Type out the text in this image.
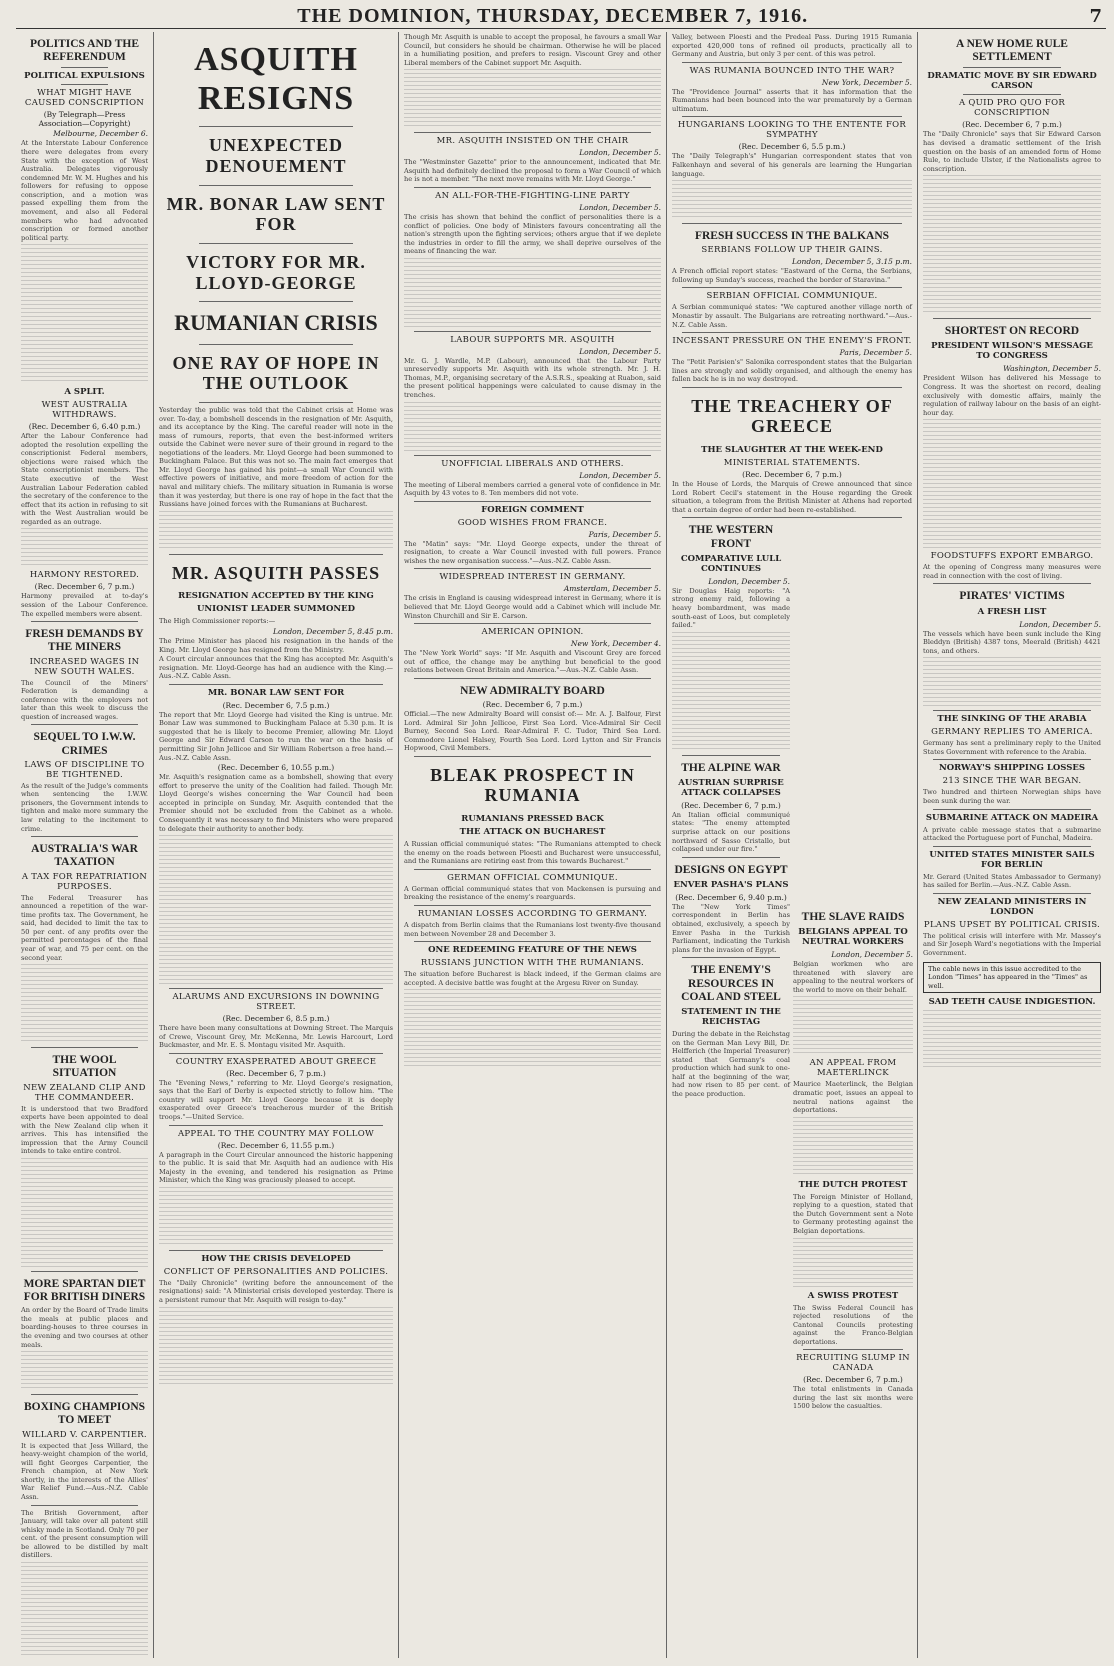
THE DOMINION, THURSDAY, DECEMBER 7, 1916.	7
POLITICS AND THE REFERENDUM
POLITICAL EXPULSIONS
WHAT MIGHT HAVE CAUSED CONSCRIPTION
(By Telegraph—Press Association—Copyright)
Melbourne, December 6.
At the Interstate Labour Conference there were delegates from every State with the exception of West Australia. Delegates vigorously condemned Mr. W. M. Hughes and his followers for refusing to oppose conscription, and a motion was passed expelling them from the movement, and also all Federal members who had advocated conscription or formed another political party.
A SPLIT.
WEST AUSTRALIA WITHDRAWS.
(Rec. December 6, 6.40 p.m.)
After the Labour Conference had adopted the resolution expelling the conscriptionist Federal members, objections were raised which the State conscriptionist members. The State executive of the West Australian Labour Federation cabled the secretary of the conference to the effect that its action in refusing to sit with the West Australian would be regarded as an outrage.
HARMONY RESTORED.
(Rec. December 6, 7 p.m.)
Harmony prevailed at to-day's session of the Labour Conference. The expelled members were absent.
FRESH DEMANDS BY THE MINERS
INCREASED WAGES IN NEW SOUTH WALES.
The Council of the Miners' Federation is demanding a conference with the employers not later than this week to discuss the question of increased wages.
SEQUEL TO I.W.W. CRIMES
LAWS OF DISCIPLINE TO BE TIGHTENED.
As the result of the Judge's comments when sentencing the I.W.W. prisoners, the Government intends to tighten and make more summary the law relating to the incitement to crime.
AUSTRALIA'S WAR TAXATION
A TAX FOR REPATRIATION PURPOSES.
The Federal Treasurer has announced a repetition of the war-time profits tax. The Government, he said, had decided to limit the tax to 50 per cent. of any profits over the permitted percentages of the final year of war, and 75 per cent. on the second year.
THE WOOL SITUATION
NEW ZEALAND CLIP AND THE COMMANDEER.
It is understood that two Bradford experts have been appointed to deal with the New Zealand clip when it arrives. This has intensified the impression that the Army Council intends to take entire control.
MORE SPARTAN DIET FOR BRITISH DINERS
An order by the Board of Trade limits the meals at public places and boarding-houses to three courses in the evening and two courses at other meals.
BOXING CHAMPIONS TO MEET
WILLARD V. CARPENTIER.
It is expected that Jess Willard, the heavy-weight champion of the world, will fight Georges Carpentier, the French champion, at New York shortly, in the interests of the Allies' War Relief Fund.—Aus.-N.Z. Cable Assn.
The British Government, after January, will take over all patent still whisky made in Scotland. Only 70 per cent. of the present consumption will be allowed to be distilled by malt distillers.
ASQUITH RESIGNS
UNEXPECTED DENOUEMENT
MR. BONAR LAW SENT FOR
VICTORY FOR MR. LLOYD-GEORGE
RUMANIAN CRISIS
ONE RAY OF HOPE IN THE OUTLOOK
Yesterday the public was told that the Cabinet crisis at Home was over. To-day, a bombshell descends in the resignation of Mr. Asquith, and its acceptance by the King. The careful reader will note in the mass of rumours, reports, that even the best-informed writers outside the Cabinet were never sure of their ground in regard to the negotiations of the leaders. Mr. Lloyd George had been summoned to Buckingham Palace. But this was not so. The main fact emerges that Mr. Lloyd George has gained his point—a small War Council with effective powers of initiative, and more freedom of action for the naval and military chiefs. The military situation in Rumania is worse than it was yesterday, but there is one ray of hope in the fact that the Russians have joined forces with the Rumanians at Bucharest.
MR. ASQUITH PASSES
RESIGNATION ACCEPTED BY THE KING
UNIONIST LEADER SUMMONED
The High Commissioner reports:—
London, December 5, 8.45 p.m.
The Prime Minister has placed his resignation in the hands of the King. Mr. Lloyd George has resigned from the Ministry.
A Court circular announces that the King has accepted Mr. Asquith's resignation. Mr. Lloyd-George has had an audience with the King.—Aus.-N.Z. Cable Assn.
MR. BONAR LAW SENT FOR
(Rec. December 6, 7.5 p.m.)
The report that Mr. Lloyd George had visited the King is untrue. Mr. Bonar Law was summoned to Buckingham Palace at 5.30 p.m. It is suggested that he is likely to become Premier, allowing Mr. Lloyd George and Sir Edward Carson to run the war on the basis of permitting Sir John Jellicoe and Sir William Robertson a free hand.—Aus.-N.Z. Cable Assn.
(Rec. December 6, 10.55 p.m.)
Mr. Asquith's resignation came as a bombshell, showing that every effort to preserve the unity of the Coalition had failed. Though Mr. Lloyd George's wishes concerning the War Council had been accepted in principle on Sunday, Mr. Asquith contended that the Premier should not be excluded from the Cabinet as a whole. Consequently it was necessary to find Ministers who were prepared to delegate their authority to another body.
ALARUMS AND EXCURSIONS IN DOWNING STREET.
(Rec. December 6, 8.5 p.m.)
There have been many consultations at Downing Street. The Marquis of Crewe, Viscount Grey, Mr. McKenna, Mr. Lewis Harcourt, Lord Buckmaster, and Mr. E. S. Montagu visited Mr. Asquith.
COUNTRY EXASPERATED ABOUT GREECE
(Rec. December 6, 7 p.m.)
The "Evening News," referring to Mr. Lloyd George's resignation, says that the Earl of Derby is expected strictly to follow him. "The country will support Mr. Lloyd George because it is deeply exasperated over Greece's treacherous murder of the British troops."—United Service.
APPEAL TO THE COUNTRY MAY FOLLOW
(Rec. December 6, 11.55 p.m.)
A paragraph in the Court Circular announced the historic happening to the public. It is said that Mr. Asquith had an audience with His Majesty in the evening, and tendered his resignation as Prime Minister, which the King was graciously pleased to accept.
HOW THE CRISIS DEVELOPED
CONFLICT OF PERSONALITIES AND POLICIES.
The "Daily Chronicle" (writing before the announcement of the resignations) said: "A Ministerial crisis developed yesterday. There is a persistent rumour that Mr. Asquith will resign to-day."
Though Mr. Asquith is unable to accept the proposal, he favours a small War Council, but considers he should be chairman. Otherwise he will be placed in a humiliating position, and prefers to resign. Viscount Grey and other Liberal members of the Cabinet support Mr. Asquith.
MR. ASQUITH INSISTED ON THE CHAIR
London, December 5.
The "Westminster Gazette" prior to the announcement, indicated that Mr. Asquith had definitely declined the proposal to form a War Council of which he is not a member. "The next move remains with Mr. Lloyd George."
AN ALL-FOR-THE-FIGHTING-LINE PARTY
London, December 5.
The crisis has shown that behind the conflict of personalities there is a conflict of policies. One body of Ministers favours concentrating all the nation's strength upon the fighting services; others argue that if we deplete the industries in order to fill the army, we shall deprive ourselves of the means of financing the war.
LABOUR SUPPORTS MR. ASQUITH
London, December 5.
Mr. G. J. Wardle, M.P. (Labour), announced that the Labour Party unreservedly supports Mr. Asquith with its whole strength. Mr. J. H. Thomas, M.P., organising secretary of the A.S.R.S., speaking at Ruabon, said the present political happenings were calculated to cause dismay in the trenches.
UNOFFICIAL LIBERALS AND OTHERS.
London, December 5.
The meeting of Liberal members carried a general vote of confidence in Mr. Asquith by 43 votes to 8. Ten members did not vote.
FOREIGN COMMENT
GOOD WISHES FROM FRANCE.
Paris, December 5.
The "Matin" says: "Mr. Lloyd George expects, under the threat of resignation, to create a War Council invested with full powers. France wishes the new organisation success."—Aus.-N.Z. Cable Assn.
WIDESPREAD INTEREST IN GERMANY.
Amsterdam, December 5.
The crisis in England is causing widespread interest in Germany, where it is believed that Mr. Lloyd George would add a Cabinet which will include Mr. Winston Churchill and Sir E. Carson.
AMERICAN OPINION.
New York, December 4.
The "New York World" says: "If Mr. Asquith and Viscount Grey are forced out of office, the change may be anything but beneficial to the good relations between Great Britain and America."—Aus.-N.Z. Cable Assn.
NEW ADMIRALTY BOARD
(Rec. December 6, 7 p.m.)
Official.—The new Admiralty Board will consist of:— Mr. A. J. Balfour, First Lord. Admiral Sir John Jellicoe, First Sea Lord. Vice-Admiral Sir Cecil Burney, Second Sea Lord. Rear-Admiral F. C. Tudor, Third Sea Lord. Commodore Lionel Halsey, Fourth Sea Lord. Lord Lytton and Sir Francis Hopwood, Civil Members.
BLEAK PROSPECT IN RUMANIA
RUMANIANS PRESSED BACK
THE ATTACK ON BUCHAREST
A Russian official communiqué states: "The Rumanians attempted to check the enemy on the roads between Ploesti and Bucharest were unsuccessful, and the Rumanians are retiring east from this towards Bucharest."
GERMAN OFFICIAL COMMUNIQUE.
A German official communiqué states that von Mackensen is pursuing and breaking the resistance of the enemy's rearguards.
RUMANIAN LOSSES ACCORDING TO GERMANY.
A dispatch from Berlin claims that the Rumanians lost twenty-five thousand men between November 28 and December 3.
ONE REDEEMING FEATURE OF THE NEWS
RUSSIANS JUNCTION WITH THE RUMANIANS.
The situation before Bucharest is black indeed, if the German claims are accepted. A decisive battle was fought at the Argesu River on Sunday.
Valley, between Ploesti and the Predeal Pass. During 1915 Rumania exported 420,000 tons of refined oil products, practically all to Germany and Austria, but only 3 per cent. of this was petrol.
WAS RUMANIA BOUNCED INTO THE WAR?
New York, December 5.
The "Providence Journal" asserts that it has information that the Rumanians had been bounced into the war prematurely by a German ultimatum.
HUNGARIANS LOOKING TO THE ENTENTE FOR SYMPATHY
(Rec. December 6, 5.5 p.m.)
The "Daily Telegraph's" Hungarian correspondent states that von Falkenhayn and several of his generals are learning the Hungarian language.
FRESH SUCCESS IN THE BALKANS
SERBIANS FOLLOW UP THEIR GAINS.
London, December 5, 3.15 p.m.
A French official report states: "Eastward of the Cerna, the Serbians, following up Sunday's success, reached the border of Staravina."
SERBIAN OFFICIAL COMMUNIQUE.
A Serbian communiqué states: "We captured another village north of Monastir by assault. The Bulgarians are retreating northward."—Aus.-N.Z. Cable Assn.
INCESSANT PRESSURE ON THE ENEMY'S FRONT.
Paris, December 5.
The "Petit Parisien's" Salonika correspondent states that the Bulgarian lines are strongly and solidly organised, and although the enemy has fallen back he is in no way destroyed.
THE TREACHERY OF GREECE
THE SLAUGHTER AT THE WEEK-END
MINISTERIAL STATEMENTS.
(Rec. December 6, 7 p.m.)
In the House of Lords, the Marquis of Crewe announced that since Lord Robert Cecil's statement in the House regarding the Greek situation, a telegram from the British Minister at Athens had reported that a certain degree of order had been re-established.
THE WESTERN FRONT
COMPARATIVE LULL CONTINUES
London, December 5.
Sir Douglas Haig reports: "A strong enemy raid, following a heavy bombardment, was made south-east of Loos, but completely failed."
THE ALPINE WAR
AUSTRIAN SURPRISE ATTACK COLLAPSES
(Rec. December 6, 7 p.m.)
An Italian official communiqué states: "The enemy attempted surprise attack on our positions northward of Sasso Cristallo, but collapsed under our fire."
DESIGNS ON EGYPT
ENVER PASHA'S PLANS
(Rec. December 6, 9.40 p.m.)
The "New York Times" correspondent in Berlin has obtained, exclusively, a speech by Enver Pasha in the Turkish Parliament, indicating the Turkish plans for the invasion of Egypt.
THE ENEMY'S RESOURCES IN COAL AND STEEL
STATEMENT IN THE REICHSTAG
During the debate in the Reichstag on the German Man Levy Bill, Dr. Helfferich (the Imperial Treasurer) stated that Germany's coal production which had sunk to one-half at the beginning of the war, had now risen to 85 per cent. of the peace production.
THE SLAVE RAIDS
BELGIANS APPEAL TO NEUTRAL WORKERS
London, December 5.
Belgian workmen who are threatened with slavery are appealing to the neutral workers of the world to move on their behalf.
AN APPEAL FROM MAETERLINCK
Maurice Maeterlinck, the Belgian dramatic poet, issues an appeal to neutral nations against the deportations.
THE DUTCH PROTEST
The Foreign Minister of Holland, replying to a question, stated that the Dutch Government sent a Note to Germany protesting against the Belgian deportations.
A SWISS PROTEST
The Swiss Federal Council has rejected resolutions of the Cantonal Councils protesting against the Franco-Belgian deportations.
RECRUITING SLUMP IN CANADA
(Rec. December 6, 7 p.m.)
The total enlistments in Canada during the last six months were 1500 below the casualties.
A NEW HOME RULE SETTLEMENT
DRAMATIC MOVE BY SIR EDWARD CARSON
A QUID PRO QUO FOR CONSCRIPTION
(Rec. December 6, 7 p.m.)
The "Daily Chronicle" says that Sir Edward Carson has devised a dramatic settlement of the Irish question on the basis of an amended form of Home Rule, to include Ulster, if the Nationalists agree to conscription.
SHORTEST ON RECORD
PRESIDENT WILSON'S MESSAGE TO CONGRESS
Washington, December 5.
President Wilson has delivered his Message to Congress. It was the shortest on record, dealing exclusively with domestic affairs, mainly the regulation of railway labour on the basis of an eight-hour day.
FOODSTUFFS EXPORT EMBARGO.
At the opening of Congress many measures were read in connection with the cost of living.
PIRATES' VICTIMS
A FRESH LIST
London, December 5.
The vessels which have been sunk include the King Bleddyn (British) 4387 tons, Meerald (British) 4421 tons, and others.
THE SINKING OF THE ARABIA
GERMANY REPLIES TO AMERICA.
Germany has sent a preliminary reply to the United States Government with reference to the Arabia.
NORWAY'S SHIPPING LOSSES
213 SINCE THE WAR BEGAN.
Two hundred and thirteen Norwegian ships have been sunk during the war.
SUBMARINE ATTACK ON MADEIRA
A private cable message states that a submarine attacked the Portuguese port of Funchal, Madeira.
UNITED STATES MINISTER SAILS FOR BERLIN
Mr. Gerard (United States Ambassador to Germany) has sailed for Berlin.—Aus.-N.Z. Cable Assn.
NEW ZEALAND MINISTERS IN LONDON
PLANS UPSET BY POLITICAL CRISIS.
The political crisis will interfere with Mr. Massey's and Sir Joseph Ward's negotiations with the Imperial Government.
The cable news in this issue accredited to the London "Times" has appeared in the "Times" as well.
SAD TEETH CAUSE INDIGESTION.
